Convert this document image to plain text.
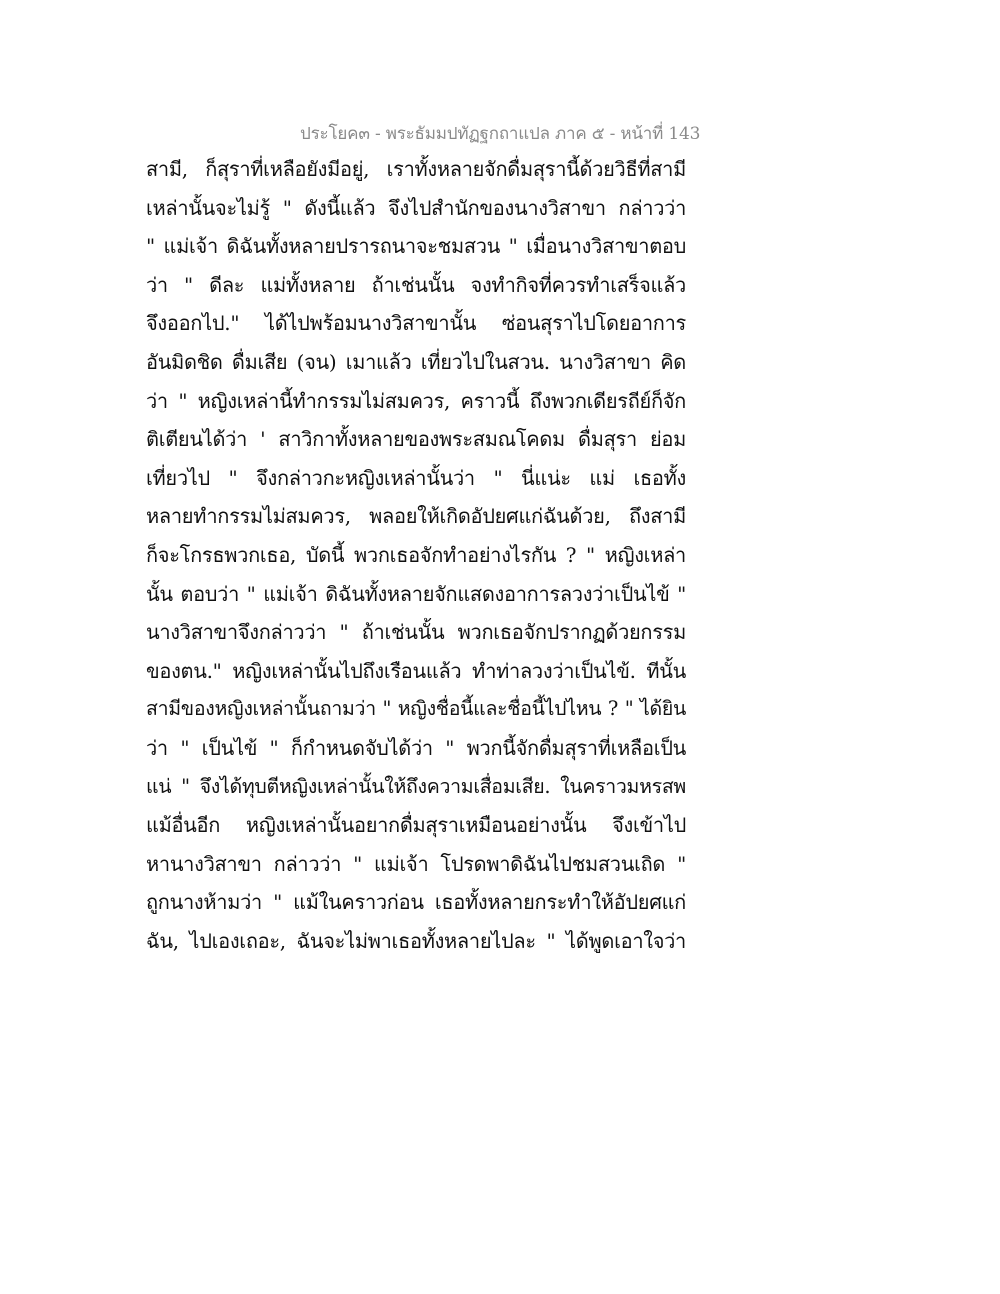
ประโยค๓ - พระธัมมปทัฏฐกถาแปล ภาค ๕ - หน้าที่ 143
สามี, ก็สุราที่เหลือยังมีอยู่, เราทั้งหลายจักดื่มสุรานี้ด้วยวิธีที่สามี
เหล่านั้นจะไม่รู้ " ดังนี้แล้ว จึงไปสำนักของนางวิสาขา กล่าวว่า
" แม่เจ้า ดิฉันทั้งหลายปรารถนาจะชมสวน " เมื่อนางวิสาขาตอบ
ว่า " ดีละ แม่ทั้งหลาย ถ้าเช่นนั้น จงทำกิจที่ควรทำเสร็จแล้ว
จึงออกไป." ได้ไปพร้อมนางวิสาขานั้น ซ่อนสุราไปโดยอาการ
อันมิดชิด ดื่มเสีย (จน) เมาแล้ว เที่ยวไปในสวน. นางวิสาขา คิด
ว่า " หญิงเหล่านี้ทำกรรมไม่สมควร, คราวนี้ ถึงพวกเดียรถีย์ก็จัก
ติเตียนได้ว่า ' สาวิกาทั้งหลายของพระสมณโคดม ดื่มสุรา ย่อม
เที่ยวไป " จึงกล่าวกะหญิงเหล่านั้นว่า " นี่แน่ะ แม่ เธอทั้ง
หลายทำกรรมไม่สมควร, พลอยให้เกิดอัปยศแก่ฉันด้วย, ถึงสามี
ก็จะโกรธพวกเธอ, บัดนี้ พวกเธอจักทำอย่างไรกัน ? " หญิงเหล่า
นั้น ตอบว่า " แม่เจ้า ดิฉันทั้งหลายจักแสดงอาการลวงว่าเป็นไข้ "
นางวิสาขาจึงกล่าวว่า " ถ้าเช่นนั้น พวกเธอจักปรากฏด้วยกรรม
ของตน." หญิงเหล่านั้นไปถึงเรือนแล้ว ทำท่าลวงว่าเป็นไข้. ทีนั้น
สามีของหญิงเหล่านั้นถามว่า " หญิงชื่อนี้และชื่อนี้ไปไหน ? " ได้ยิน
ว่า " เป็นไข้ " ก็กำหนดจับได้ว่า " พวกนี้จักดื่มสุราที่เหลือเป็น
แน่ " จึงได้ทุบตีหญิงเหล่านั้นให้ถึงความเสื่อมเสีย. ในคราวมหรสพ
แม้อื่นอีก หญิงเหล่านั้นอยากดื่มสุราเหมือนอย่างนั้น จึงเข้าไป
หานางวิสาขา กล่าวว่า " แม่เจ้า โปรดพาดิฉันไปชมสวนเถิด "
ถูกนางห้ามว่า " แม้ในคราวก่อน เธอทั้งหลายกระทำให้อัปยศแก่
ฉัน, ไปเองเถอะ, ฉันจะไม่พาเธอทั้งหลายไปละ " ได้พูดเอาใจว่า
